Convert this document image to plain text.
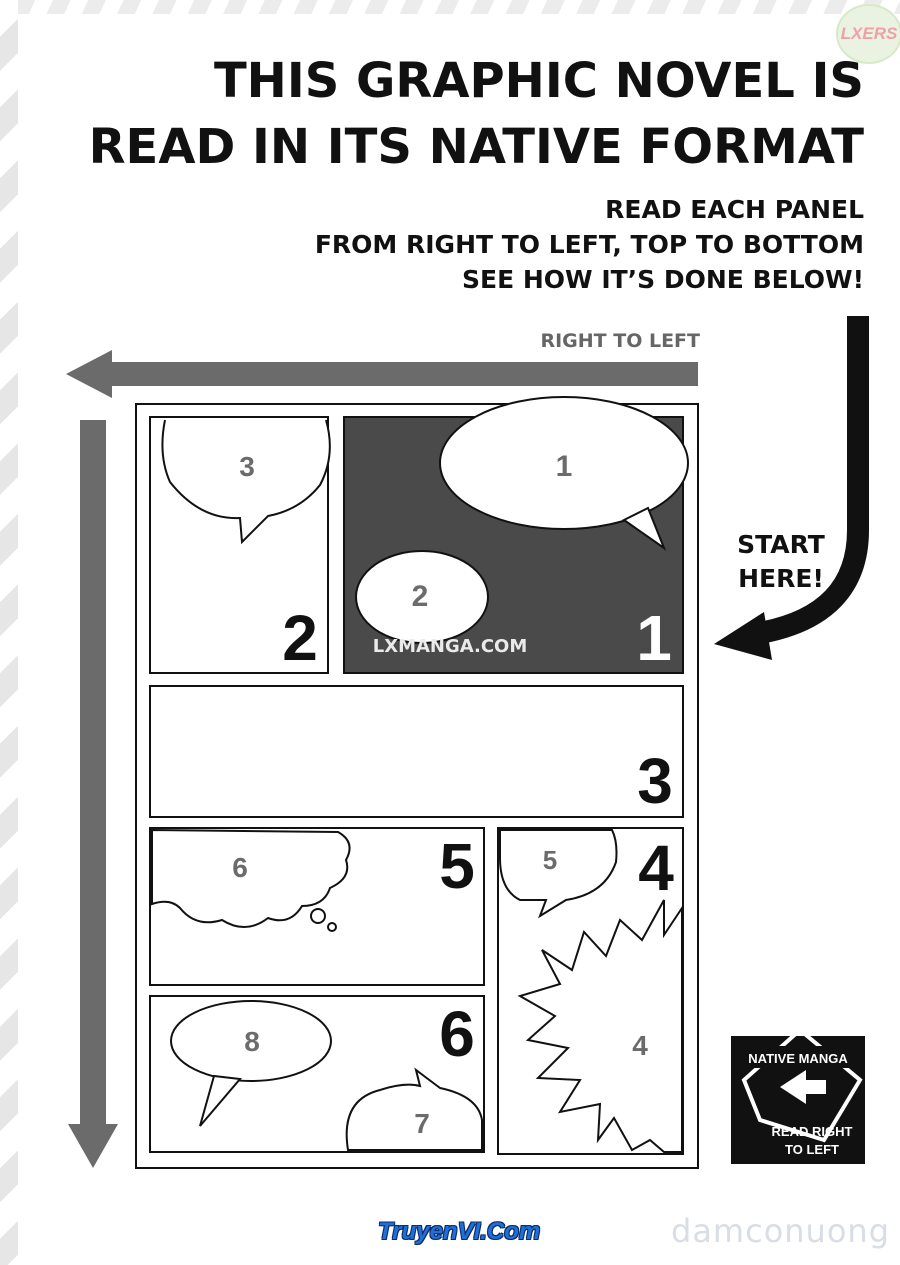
LXERS
THIS GRAPHIC NOVEL IS
READ IN ITS NATIVE FORMAT
READ EACH PANEL
FROM RIGHT TO LEFT, TOP TO BOTTOM
SEE HOW IT’S DONE BELOW!
RIGHT TO LEFT
START
HERE!
1
2
1
LXMANGA.COM
3
2
3
5
4
4
6	5
8
7
6	NATIVE MANGA
READ RIGHT
TO LEFT
TruyenVI.Com	damconuong
